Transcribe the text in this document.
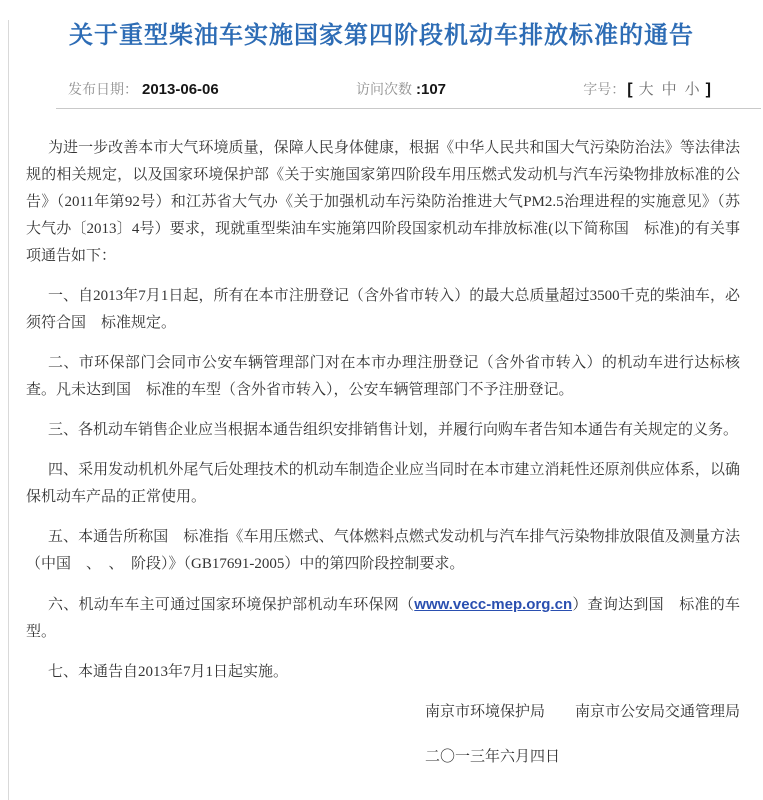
关于重型柴油车实施国家第四阶段机动车排放标准的通告
发布日期： 2013-06-06	访问次数 :107	字号： [ 大 中 小 ]

为进一步改善本市大气环境质量，保障人民身体健康，根据《中华人民共和国大气污染防治法》等法律法规的相关规定，以及国家环境保护部《关于实施国家第四阶段车用压燃式发动机与汽车污染物排放标准的公告》（2011年第92号）和江苏省大气办《关于加强机动车污染防治推进大气PM2.5治理进程的实施意见》（苏大气办〔2013〕4号）要求，现就重型柴油车实施第四阶段国家机动车排放标准(以下简称国　标准)的有关事项通告如下：

一、自2013年7月1日起，所有在本市注册登记（含外省市转入）的最大总质量超过3500千克的柴油车，必须符合国　标准规定。

二、市环保部门会同市公安车辆管理部门对在本市办理注册登记（含外省市转入）的机动车进行达标核查。凡未达到国　标准的车型（含外省市转入），公安车辆管理部门不予注册登记。

三、各机动车销售企业应当根据本通告组织安排销售计划，并履行向购车者告知本通告有关规定的义务。

四、采用发动机机外尾气后处理技术的机动车制造企业应当同时在本市建立消耗性还原剂供应体系，以确保机动车产品的正常使用。

五、本通告所称国　标准指《车用压燃式、气体燃料点燃式发动机与汽车排气污染物排放限值及测量方法（中国　、　、　阶段）》（GB17691-2005）中的第四阶段控制要求。

六、机动车车主可通过国家环境保护部机动车环保网（www.vecc-mep.org.cn）查询达到国　标准的车型。

七、本通告自2013年7月1日起实施。

南京市环境保护局　　南京市公安局交通管理局

二〇一三年六月四日
